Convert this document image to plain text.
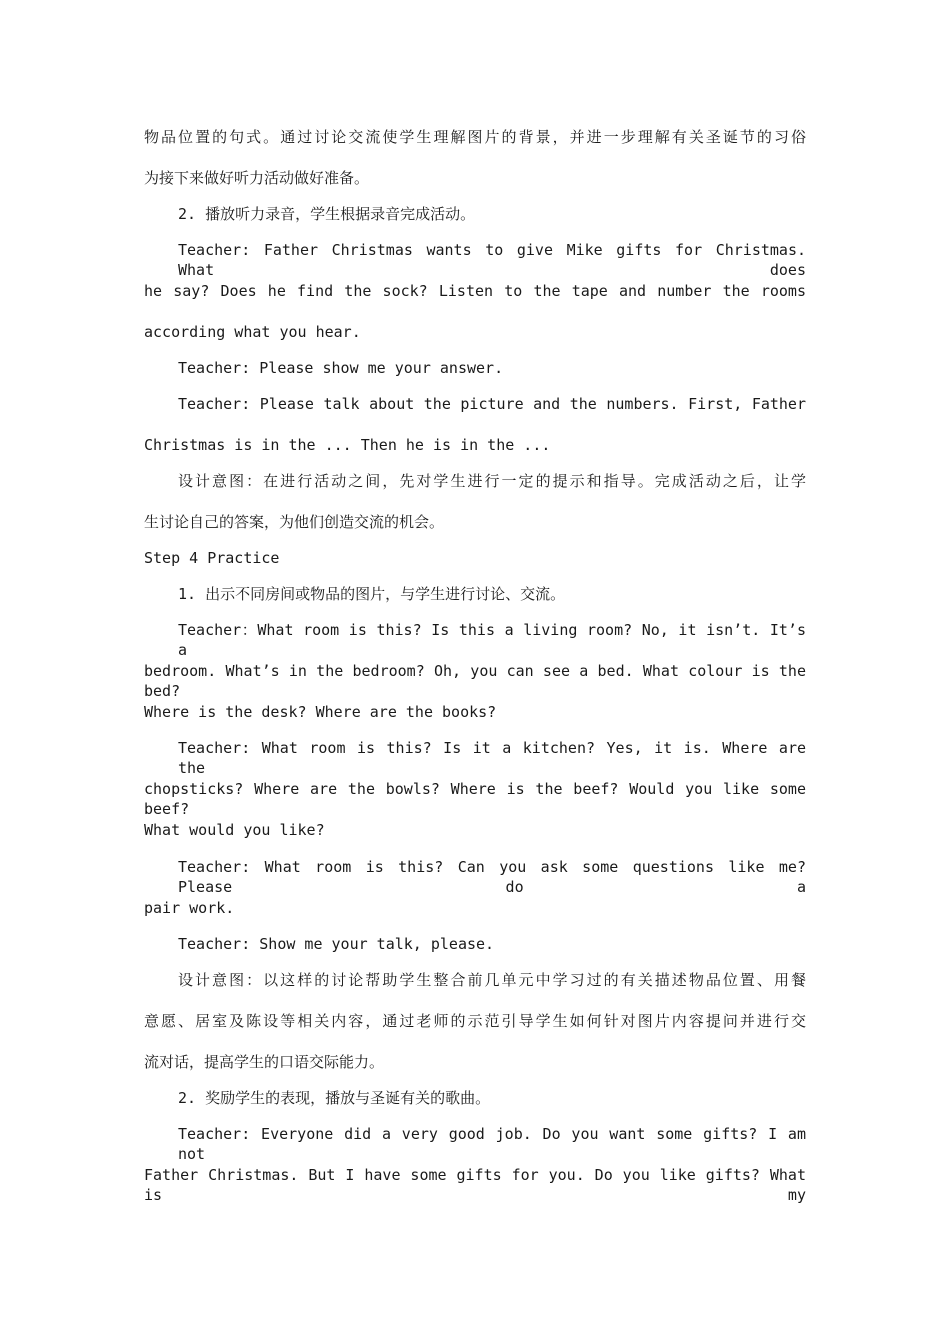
物品位置的句式。通过讨论交流使学生理解图片的背景，并进一步理解有关圣诞节的习俗
为接下来做好听力活动做好准备。
2. 播放听力录音，学生根据录音完成活动。
Teacher: Father Christmas wants to give Mike gifts for Christmas. What does
he say? Does he find the sock? Listen to the tape and number the rooms
according what you hear.
Teacher: Please show me your answer.
Teacher: Please talk about the picture and the numbers. First, Father
Christmas is in the ... Then he is in the ...
设计意图：在进行活动之间，先对学生进行一定的提示和指导。完成活动之后，让学
生讨论自己的答案，为他们创造交流的机会。
Step 4 Practice
1. 出示不同房间或物品的图片，与学生进行讨论、交流。
Teacher：What room is this? Is this a living room? No, it isn’t. It’s a
bedroom. What’s in the bedroom? Oh, you can see a bed. What colour is the bed?
Where is the desk? Where are the books?
Teacher: What room is this? Is it a kitchen? Yes, it is. Where are the
chopsticks? Where are the bowls? Where is the beef? Would you like some beef?
What would you like?
Teacher: What room is this? Can you ask some questions like me? Please do a
pair work.
Teacher: Show me your talk, please.
设计意图：以这样的讨论帮助学生整合前几单元中学习过的有关描述物品位置、用餐
意愿、居室及陈设等相关内容，通过老师的示范引导学生如何针对图片内容提问并进行交
流对话，提高学生的口语交际能力。
2. 奖励学生的表现，播放与圣诞有关的歌曲。
Teacher: Everyone did a very good job. Do you want some gifts? I am not
Father Christmas. But I have some gifts for you. Do you like gifts? What is my
